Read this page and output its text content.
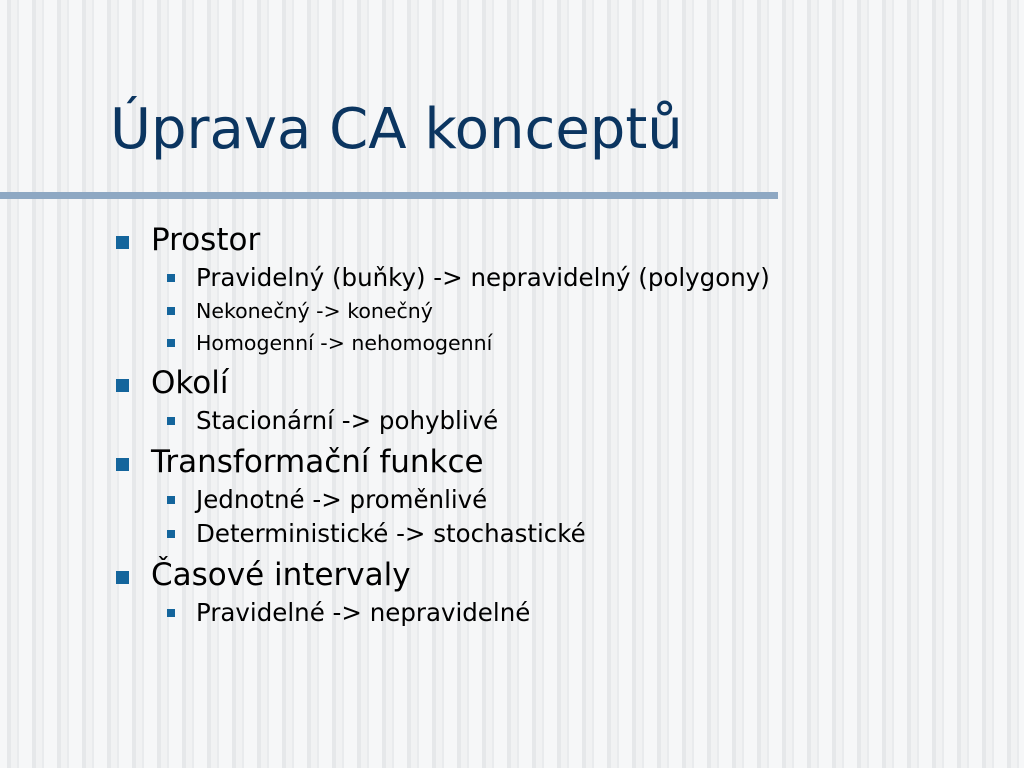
Úprava CA konceptů
Prostor
Pravidelný (buňky) -> nepravidelný (polygony)
Nekonečný -> konečný
Homogenní -> nehomogenní
Okolí
Stacionární -> pohyblivé
Transformační funkce
Jednotné -> proměnlivé
Deterministické -> stochastické
Časové intervaly
Pravidelné -> nepravidelné
